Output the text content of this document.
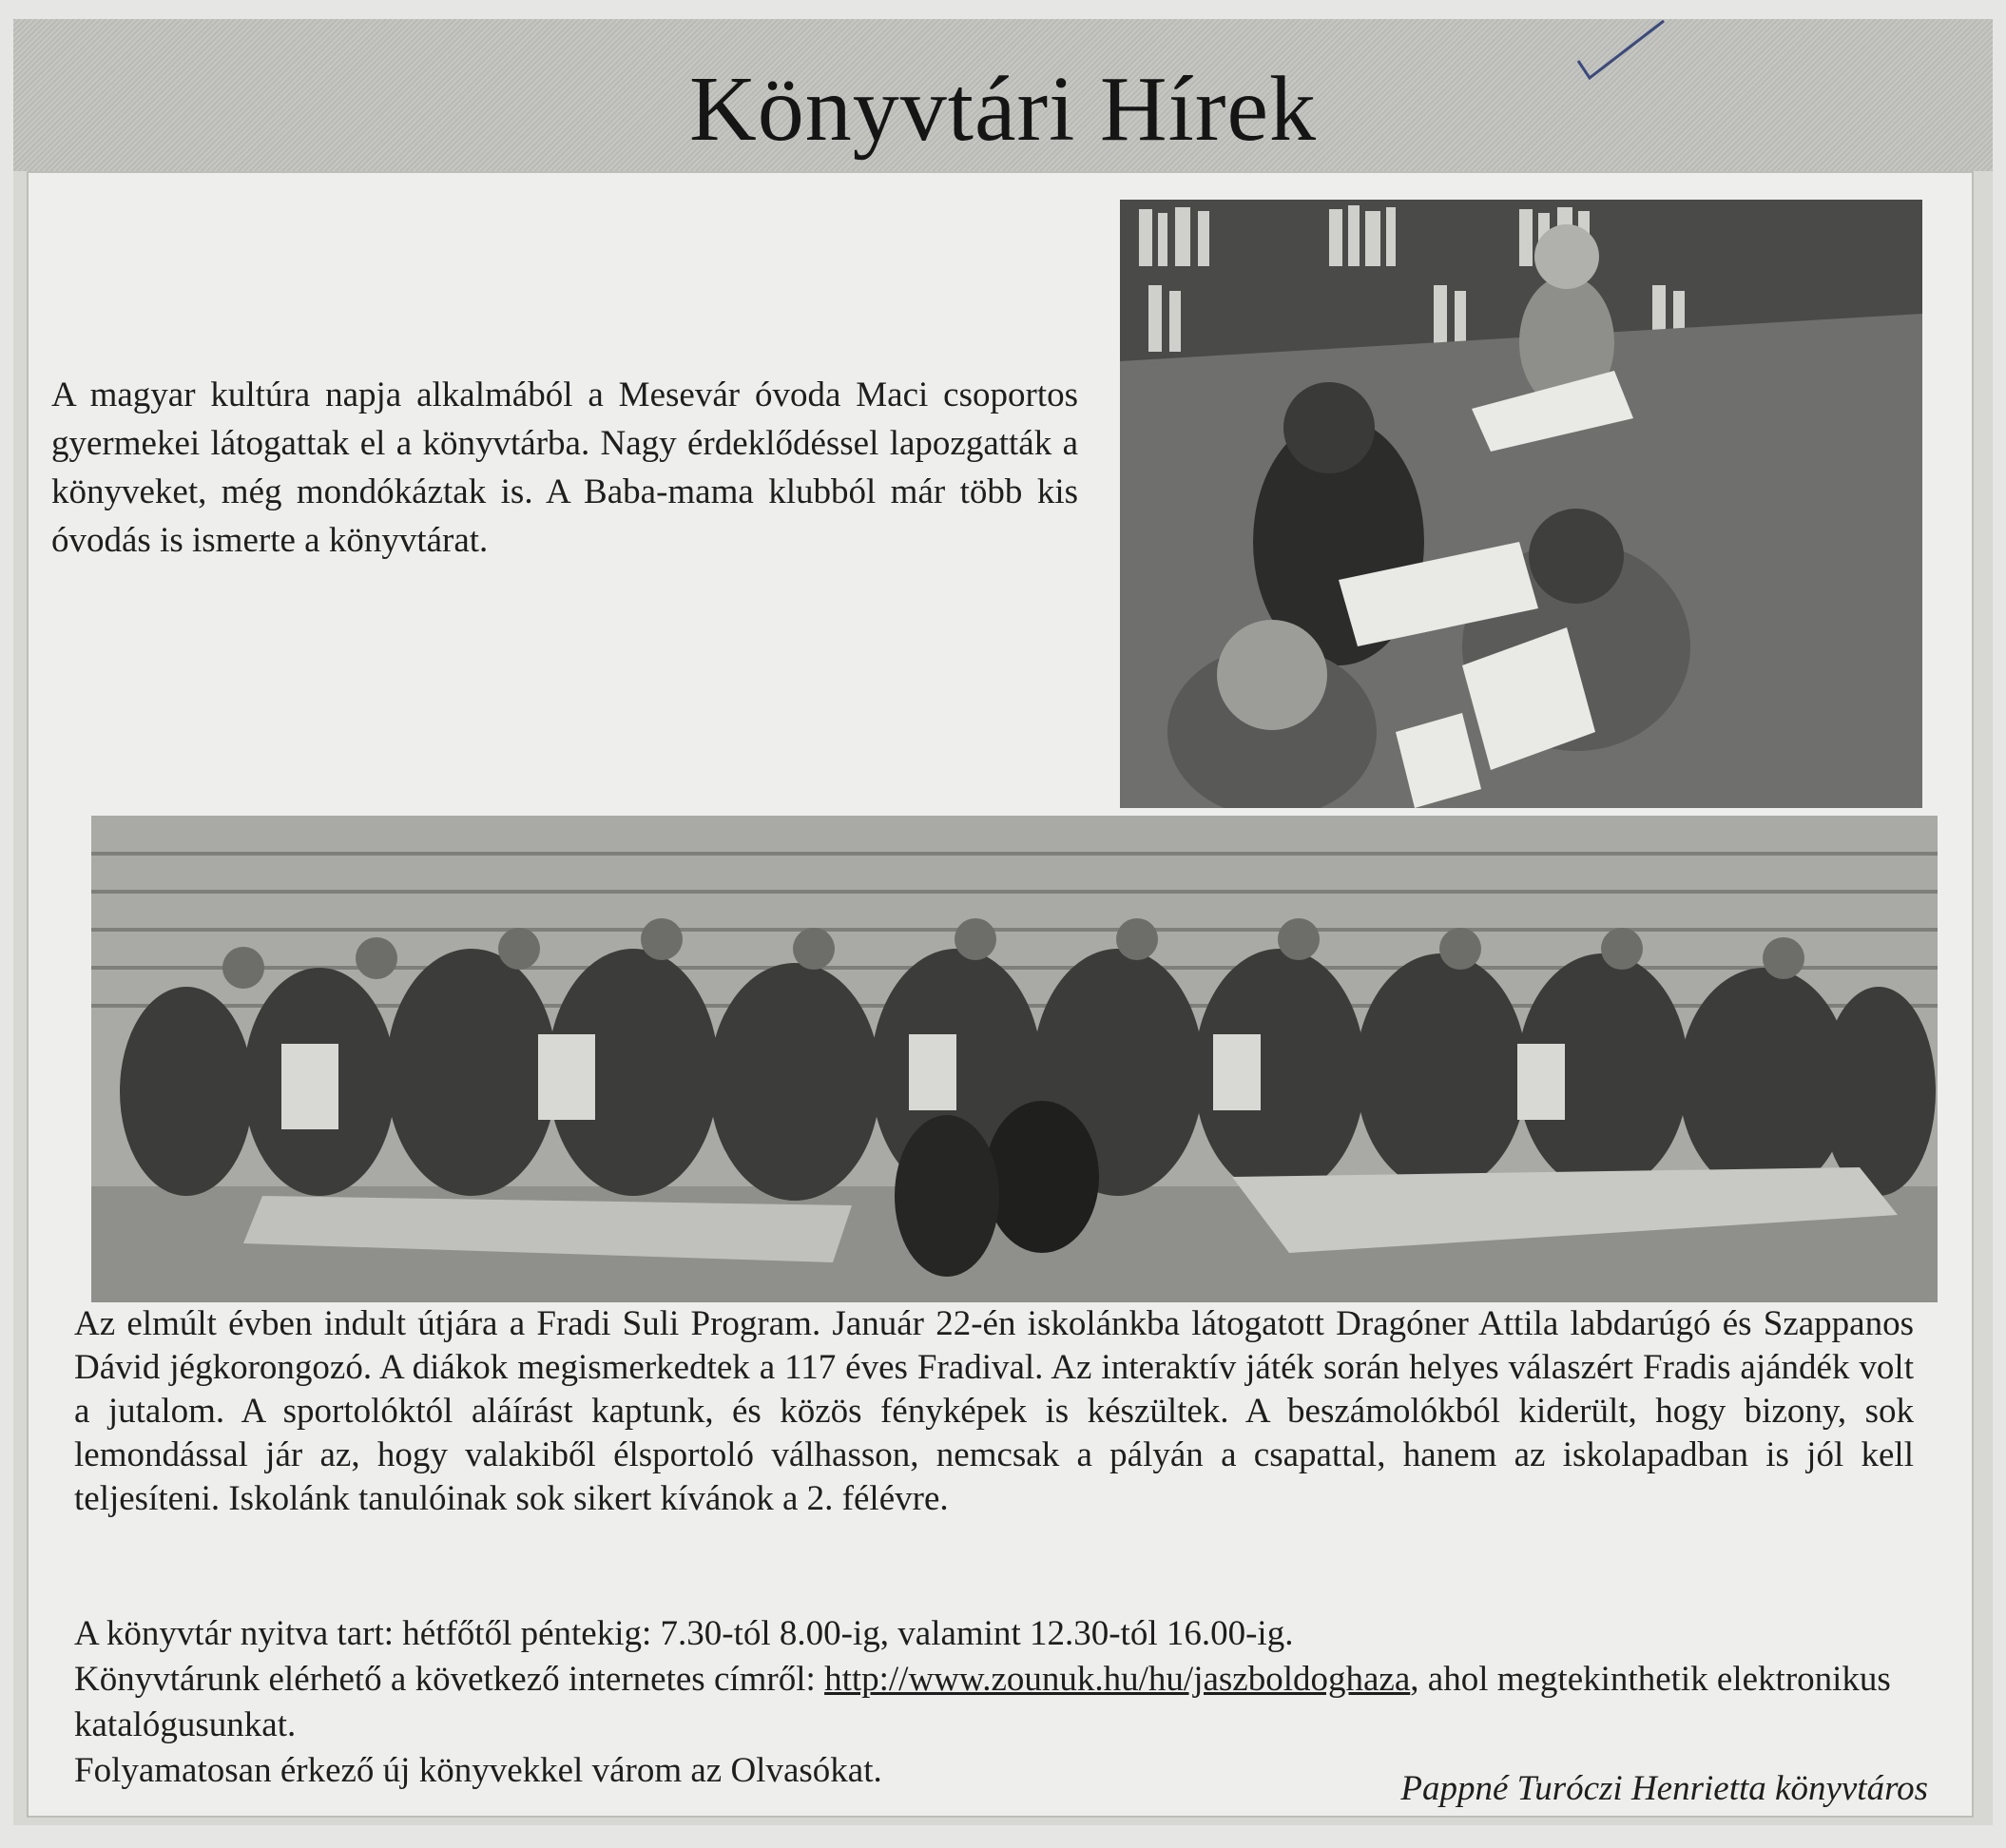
Könyvtári Hírek

A magyar kultúra napja alkalmából a Mesevár óvoda Maci csoportos gyermekei látogattak el a könyvtárba. Nagy érdeklődéssel lapozgatták a könyveket, még mondókáztak is. A Baba-mama klubból már több kis óvodás is ismerte a könyvtárat.

Az elmúlt évben indult útjára a Fradi Suli Program. Január 22-én iskolánkba látogatott Dragóner Attila labdarúgó és Szappanos Dávid jégkorongozó. A diákok megismerkedtek a 117 éves Fradival. Az interaktív játék során helyes válaszért Fradis ajándék volt a jutalom. A sportolóktól aláírást kaptunk, és közös fényképek is készültek. A beszámolókból kiderült, hogy bizony, sok lemondással jár az, hogy valakiből élsportoló válhasson, nemcsak a pályán a csapattal, hanem az iskolapadban is jól kell teljesíteni. Iskolánk tanulóinak sok sikert kívánok a 2. félévre.

A könyvtár nyitva tart: hétfőtől péntekig: 7.30-tól 8.00-ig, valamint 12.30-tól 16.00-ig.

Könyvtárunk elérhető a következő internetes címről: http://www.zounuk.hu/hu/jaszboldoghaza, ahol megtekinthetik elektronikus katalógusunkat.

Folyamatosan érkező új könyvekkel várom az Olvasókat.	Pappné Turóczi Henrietta könyvtáros
